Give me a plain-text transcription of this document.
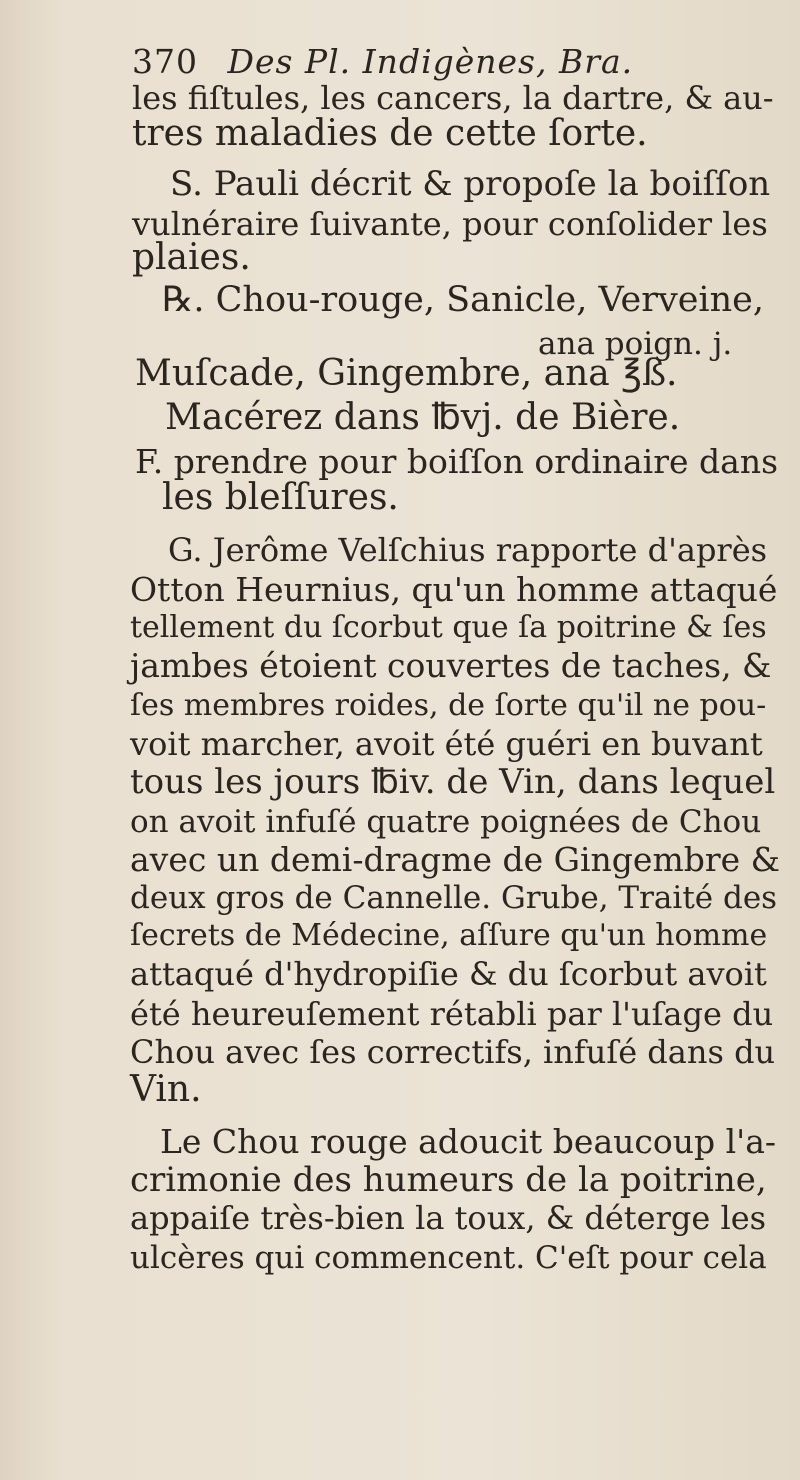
370 Des Pl. Indigènes, Bra.
les fiſtules, les cancers, la dartre, & au-
tres maladies de cette ſorte.
S. Pauli décrit & propoſe la boiſſon
vulnéraire ſuivante, pour conſolider les
plaies.
℞. Chou-rouge, Sanicle, Verveine,
ana poign. j.
Muſcade, Gingembre, ana ℥ß.
Macérez dans ℔vj. de Bière.
F. prendre pour boiſſon ordinaire dans
les bleſſures.
G. Jerôme Velſchius rapporte d'après
Otton Heurnius, qu'un homme attaqué
tellement du ſcorbut que ſa poitrine & ſes
jambes étoient couvertes de taches, &
ſes membres roides, de ſorte qu'il ne pou-
voit marcher, avoit été guéri en buvant
tous les jours ℔iv. de Vin, dans lequel
on avoit infuſé quatre poignées de Chou
avec un demi-dragme de Gingembre &
deux gros de Cannelle. Grube, Traité des
ſecrets de Médecine, aſſure qu'un homme
attaqué d'hydropiſie & du ſcorbut avoit
été heureuſement rétabli par l'uſage du
Chou avec ſes correctifs, infuſé dans du
Vin.
Le Chou rouge adoucit beaucoup l'a-
crimonie des humeurs de la poitrine,
appaiſe très-bien la toux, & déterge les
ulcères qui commencent. C'eſt pour cela
